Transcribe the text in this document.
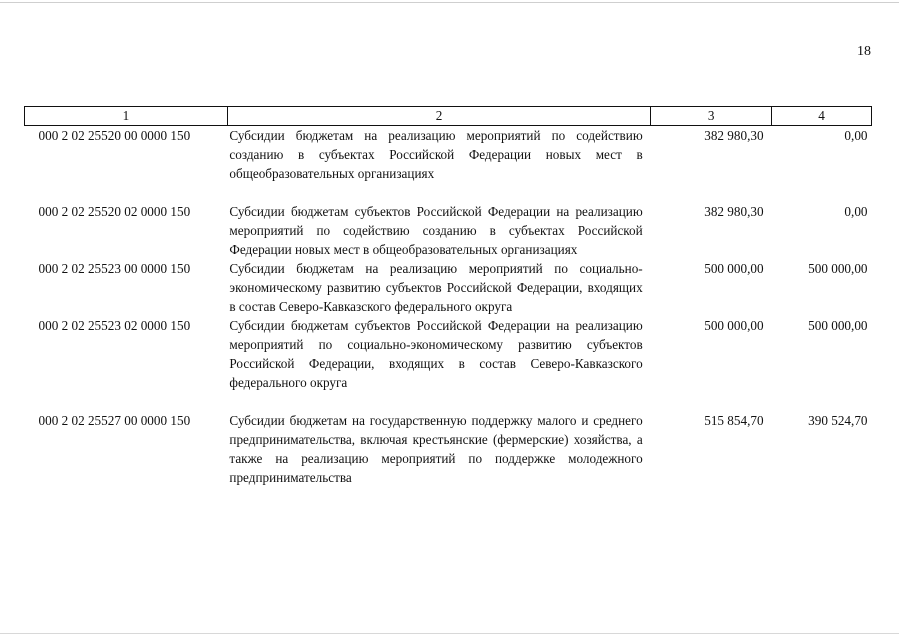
18
1	2	3	4
000 2 02 25520 00 0000 150	Субсидии бюджетам на реализацию мероприятий по содействию созданию в субъектах Российской Федерации новых мест в общеобразовательных организациях	382 980,30	0,00
000 2 02 25520 02 0000 150	Субсидии бюджетам субъектов Российской Федерации на реализацию мероприятий по содействию созданию в субъектах Российской Федерации новых мест в общеобразовательных организациях	382 980,30	0,00
000 2 02 25523 00 0000 150	Субсидии бюджетам на реализацию мероприятий по социально-экономическому развитию субъектов Российской Федерации, входящих в состав Северо-Кавказского федерального округа	500 000,00	500 000,00
000 2 02 25523 02 0000 150	Субсидии бюджетам субъектов Российской Федерации на реализацию мероприятий по социально-экономическому развитию субъектов Российской Федерации, входящих в состав Северо-Кавказского федерального округа	500 000,00	500 000,00
000 2 02 25527 00 0000 150	Субсидии бюджетам на государственную поддержку малого и среднего предпринимательства, включая крестьянские (фермерские) хозяйства, а также на реализацию мероприятий по поддержке молодежного предпринимательства	515 854,70	390 524,70
